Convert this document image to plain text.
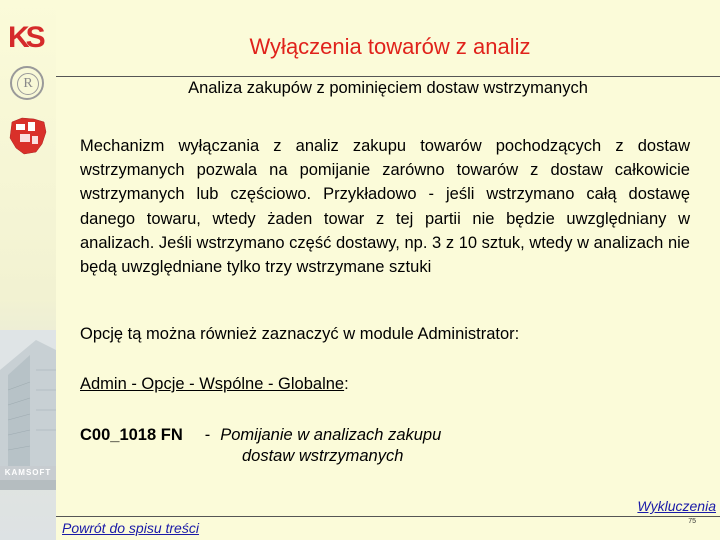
KS
R
KAMSOFT
Wyłączenia towarów z analiz
Analiza zakupów z pominięciem dostaw wstrzymanych
Mechanizm wyłączania z analiz zakupu towarów pochodzących z dostaw wstrzymanych pozwala na pomijanie zarówno towarów z dostaw całkowicie wstrzymanych lub częściowo. Przykładowo - jeśli wstrzymano całą dostawę danego towaru, wtedy żaden towar z tej partii nie będzie uwzględniany w analizach. Jeśli wstrzymano część dostawy, np. 3 z 10 sztuk, wtedy w analizach nie będą uwzględniane tylko trzy wstrzymane sztuki
Opcję tą można również zaznaczyć w module Administrator:
Admin - Opcje - Wspólne - Globalne:
C00_1018 FN - Pomijanie w analizach zakupu
dostaw wstrzymanych
Wykluczenia
Powrót do spisu treści	75
